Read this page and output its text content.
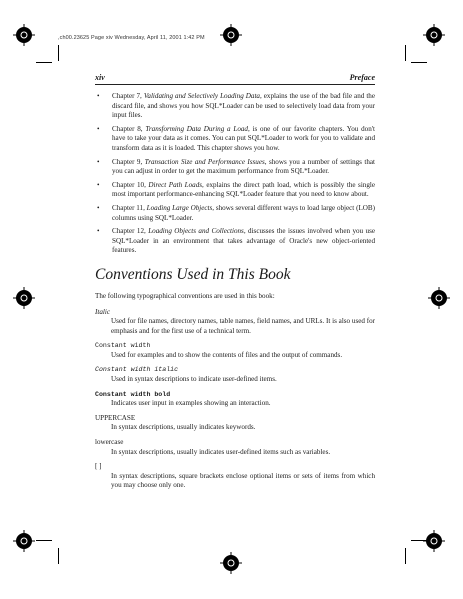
,ch00.23625 Page xiv Wednesday, April 11, 2001 1:42 PM
xiv	Preface
• Chapter 7, Validating and Selectively Loading Data, explains the use of the bad file and the discard file, and shows you how SQL*Loader can be used to selectively load data from your input files.
• Chapter 8, Transforming Data During a Load, is one of our favorite chapters. You don't have to take your data as it comes. You can put SQL*Loader to work for you to validate and transform data as it is loaded. This chapter shows you how.
• Chapter 9, Transaction Size and Performance Issues, shows you a number of settings that you can adjust in order to get the maximum performance from SQL*Loader.
• Chapter 10, Direct Path Loads, explains the direct path load, which is possibly the single most important performance-enhancing SQL*Loader feature that you need to know about.
• Chapter 11, Loading Large Objects, shows several different ways to load large object (LOB) columns using SQL*Loader.
• Chapter 12, Loading Objects and Collections, discusses the issues involved when you use SQL*Loader in an environment that takes advantage of Oracle's new object-oriented features.
Conventions Used in This Book

The following typographical conventions are used in this book:

Italic

Used for file names, directory names, table names, field names, and URLs. It is also used for emphasis and for the first use of a technical term.

Constant width

Used for examples and to show the contents of files and the output of commands.

Constant width italic

Used in syntax descriptions to indicate user-defined items.

Constant width bold

Indicates user input in examples showing an interaction.

UPPERCASE

In syntax descriptions, usually indicates keywords.

lowercase

In syntax descriptions, usually indicates user-defined items such as variables.

[ ]

In syntax descriptions, square brackets enclose optional items or sets of items from which you may choose only one.
